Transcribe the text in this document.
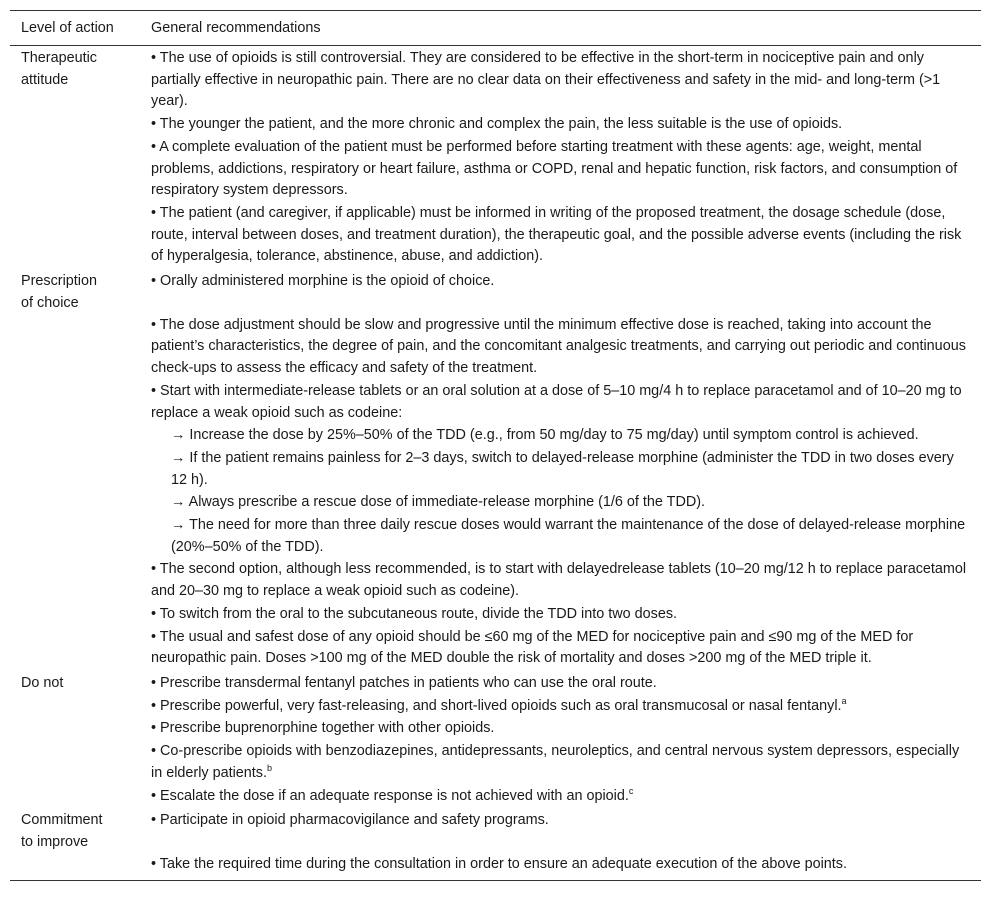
Level of action	General recommendations
Therapeutic
attitude

• The use of opioids is still controversial. They are considered to be effective in the short-term in nociceptive pain and only partially effective in neuropathic pain. There are no clear data on their effectiveness and safety in the mid- and long-term (>1 year).

• The younger the patient, and the more chronic and complex the pain, the less suitable is the use of opioids.

• A complete evaluation of the patient must be performed before starting treatment with these agents: age, weight, mental problems, addictions, respiratory or heart failure, asthma or COPD, renal and hepatic function, risk factors, and consumption of respiratory system depressors.

• The patient (and caregiver, if applicable) must be informed in writing of the proposed treatment, the dosage schedule (dose, route, interval between doses, and treatment duration), the therapeutic goal, and the possible adverse events (including the risk of hyperalgesia, tolerance, abstinence, abuse, and addiction).

Prescription
of choice

• Orally administered morphine is the opioid of choice.

• The dose adjustment should be slow and progressive until the minimum effective dose is reached, taking into account the patient’s characteristics, the degree of pain, and the concomitant analgesic treatments, and carrying out periodic and continuous check-ups to assess the efficacy and safety of the treatment.

• Start with intermediate-release tablets or an oral solution at a dose of 5–10 mg/4 h to replace paracetamol and of 10–20 mg to replace a weak opioid such as codeine:

→ Increase the dose by 25%–50% of the TDD (e.g., from 50 mg/day to 75 mg/day) until symptom control is achieved.

→ If the patient remains painless for 2–3 days, switch to delayed-release morphine (administer the TDD in two doses every 12 h).

→ Always prescribe a rescue dose of immediate-release morphine (1/6 of the TDD).

→ The need for more than three daily rescue doses would warrant the maintenance of the dose of delayed-release morphine (20%–50% of the TDD).

• The second option, although less recommended, is to start with delayedrelease tablets (10–20 mg/12 h to replace paracetamol and 20–30 mg to replace a weak opioid such as codeine).

• To switch from the oral to the subcutaneous route, divide the TDD into two doses.

• The usual and safest dose of any opioid should be ≤60 mg of the MED for nociceptive pain and ≤90 mg of the MED for neuropathic pain. Doses >100 mg of the MED double the risk of mortality and doses >200 mg of the MED triple it.

Do not	• Prescribe transdermal fentanyl patches in patients who can use the oral route.

• Prescribe powerful, very fast-releasing, and short-lived opioids such as oral transmucosal or nasal fentanyl.$^a$

• Prescribe buprenorphine together with other opioids.

• Co-prescribe opioids with benzodiazepines, antidepressants, neuroleptics, and central nervous system depressors, especially in elderly patients.$^b$

• Escalate the dose if an adequate response is not achieved with an opioid.$^c$

Commitment
to improve

• Participate in opioid pharmacovigilance and safety programs.

• Take the required time during the consultation in order to ensure an adequate execution of the above points.
